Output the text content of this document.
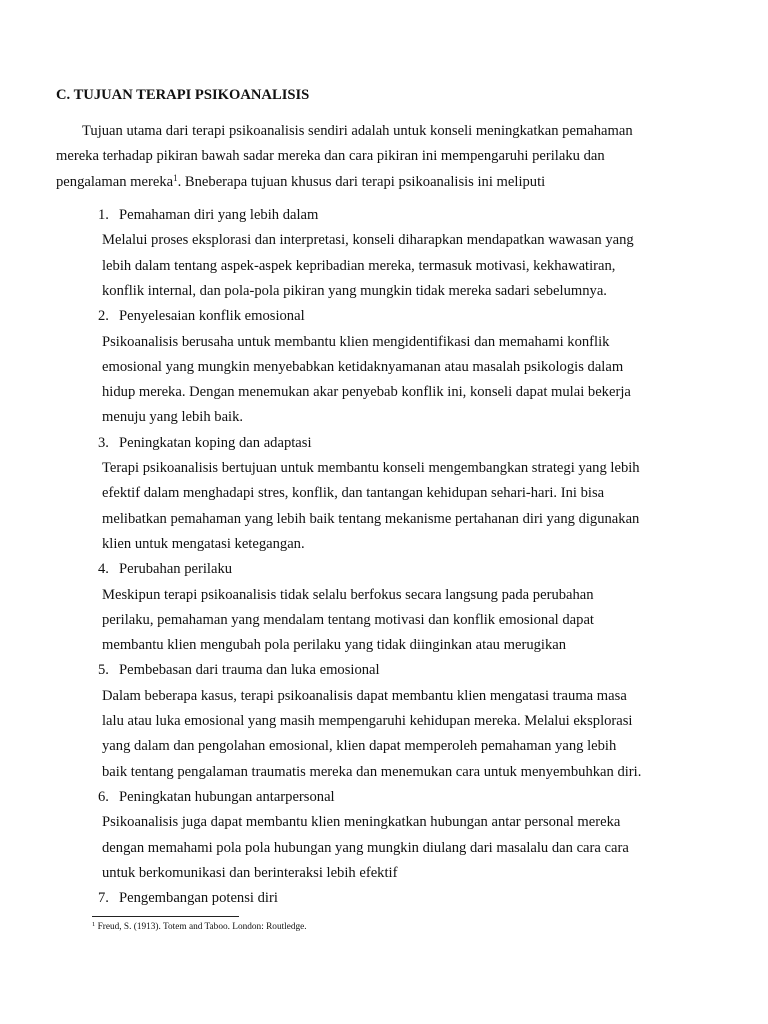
C. TUJUAN TERAPI PSIKOANALISIS
Tujuan utama dari terapi psikoanalisis sendiri adalah untuk konseli meningkatkan pemahaman
mereka terhadap pikiran bawah sadar mereka dan cara pikiran ini mempengaruhi perilaku dan
pengalaman mereka$^1$. Bneberapa tujuan khusus dari terapi psikoanalisis ini meliputi
1. Pemahaman diri yang lebih dalam
Melalui proses eksplorasi dan interpretasi, konseli diharapkan mendapatkan wawasan yang
lebih dalam tentang aspek-aspek kepribadian mereka, termasuk motivasi, kekhawatiran,
konflik internal, dan pola-pola pikiran yang mungkin tidak mereka sadari sebelumnya.
2. Penyelesaian konflik emosional
Psikoanalisis berusaha untuk membantu klien mengidentifikasi dan memahami konflik
emosional yang mungkin menyebabkan ketidaknyamanan atau masalah psikologis dalam
hidup mereka. Dengan menemukan akar penyebab konflik ini, konseli dapat mulai bekerja
menuju yang lebih baik.
3. Peningkatan koping dan adaptasi
Terapi psikoanalisis bertujuan untuk membantu konseli mengembangkan strategi yang lebih
efektif dalam menghadapi stres, konflik, dan tantangan kehidupan sehari-hari. Ini bisa
melibatkan pemahaman yang lebih baik tentang mekanisme pertahanan diri yang digunakan
klien untuk mengatasi ketegangan.
4. Perubahan perilaku
Meskipun terapi psikoanalisis tidak selalu berfokus secara langsung pada perubahan
perilaku, pemahaman yang mendalam tentang motivasi dan konflik emosional dapat
membantu klien mengubah pola perilaku yang tidak diinginkan atau merugikan
5. Pembebasan dari trauma dan luka emosional
Dalam beberapa kasus, terapi psikoanalisis dapat membantu klien mengatasi trauma masa
lalu atau luka emosional yang masih mempengaruhi kehidupan mereka. Melalui eksplorasi
yang dalam dan pengolahan emosional, klien dapat memperoleh pemahaman yang lebih
baik tentang pengalaman traumatis mereka dan menemukan cara untuk menyembuhkan diri.
6. Peningkatan hubungan antarpersonal
Psikoanalisis juga dapat membantu klien meningkatkan hubungan antar personal mereka
dengan memahami pola pola hubungan yang mungkin diulang dari masalalu dan cara cara
untuk berkomunikasi dan berinteraksi lebih efektif
7. Pengembangan potensi diri
$^1$ Freud, S. (1913). Totem and Taboo. London: Routledge.
